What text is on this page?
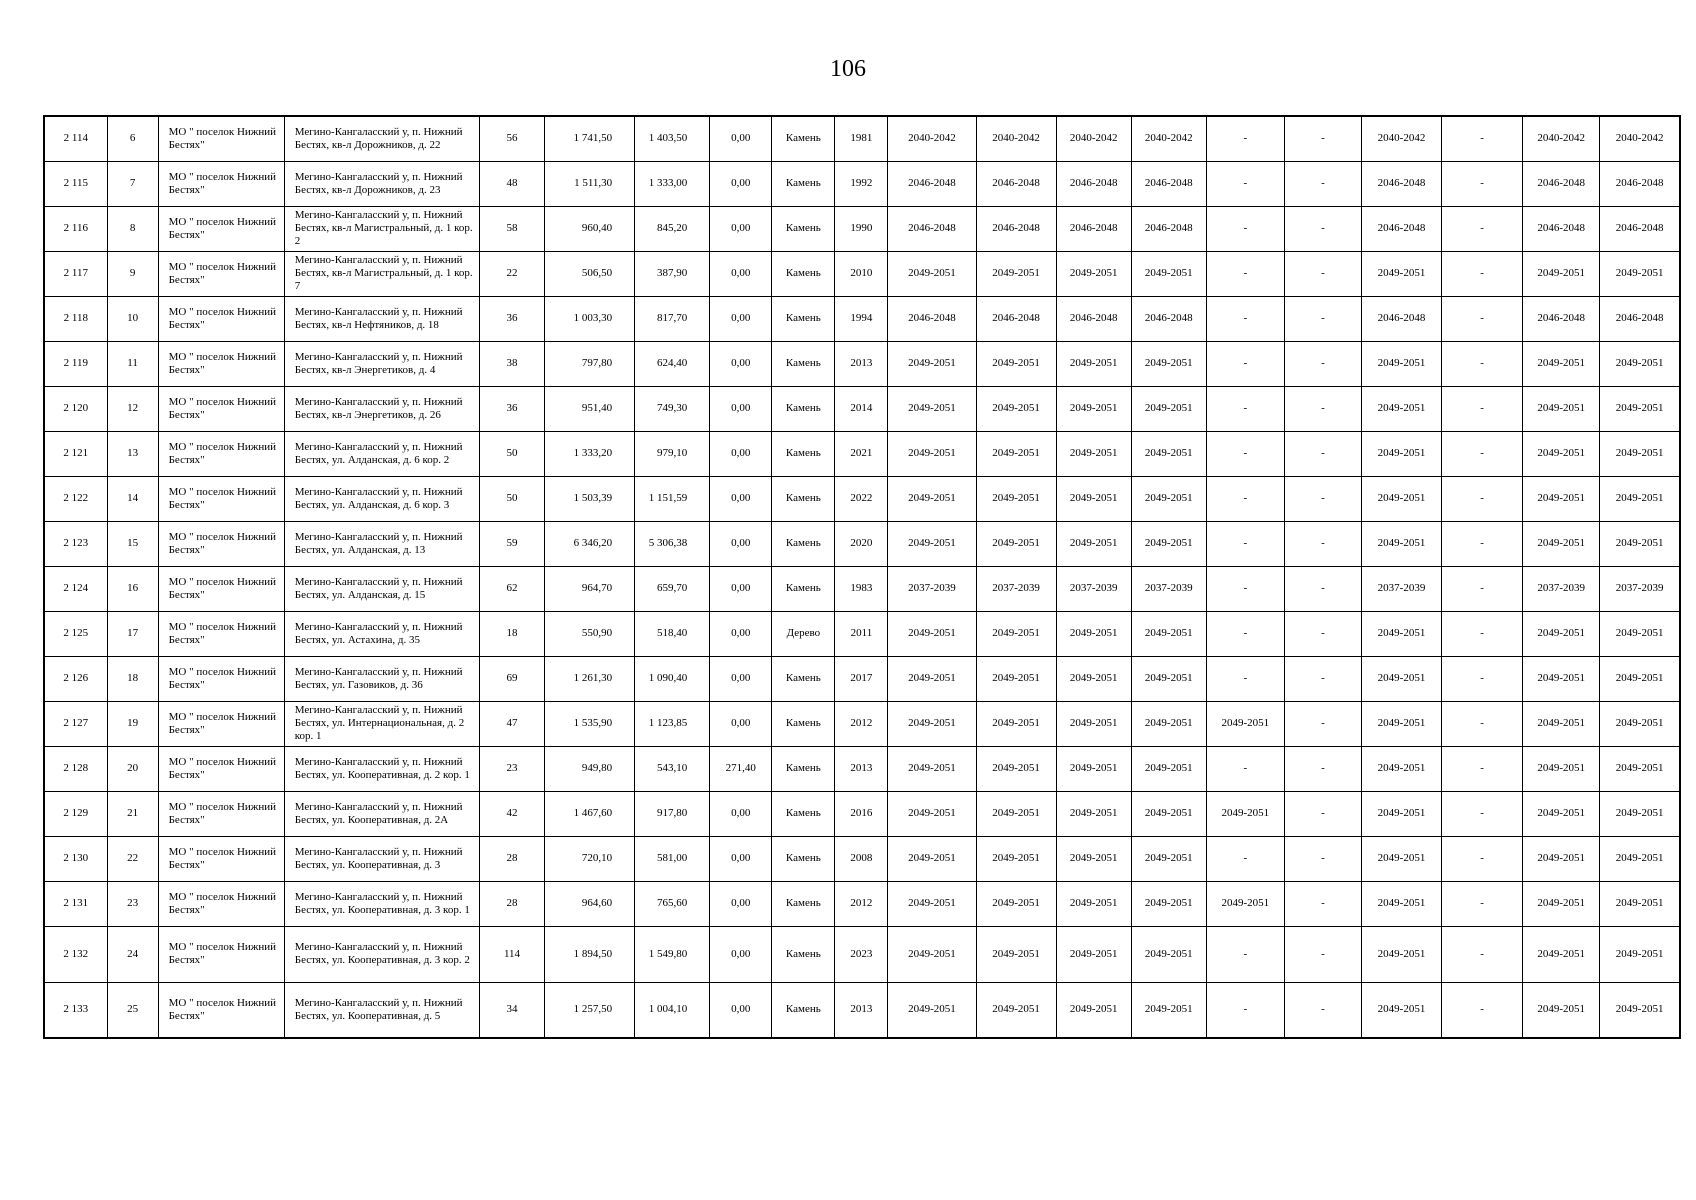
106
2 114	6	МО " поселок Нижний Бестях"	Мегино-Кангаласский у, п. Нижний Бестях, кв-л Дорожников, д. 22	56	1 741,50	1 403,50	0,00	Камень	1981	2040-2042	2040-2042	2040-2042	2040-2042	-	-	2040-2042	-	2040-2042	2040-2042
2 115	7	МО " поселок Нижний Бестях"	Мегино-Кангаласский у, п. Нижний Бестях, кв-л Дорожников, д. 23	48	1 511,30	1 333,00	0,00	Камень	1992	2046-2048	2046-2048	2046-2048	2046-2048	-	-	2046-2048	-	2046-2048	2046-2048
2 116	8	МО " поселок Нижний Бестях"	Мегино-Кангаласский у, п. Нижний Бестях, кв-л Магистральный, д. 1 кор. 2	58	960,40	845,20	0,00	Камень	1990	2046-2048	2046-2048	2046-2048	2046-2048	-	-	2046-2048	-	2046-2048	2046-2048
2 117	9	МО " поселок Нижний Бестях"	Мегино-Кангаласский у, п. Нижний Бестях, кв-л Магистральный, д. 1 кор. 7	22	506,50	387,90	0,00	Камень	2010	2049-2051	2049-2051	2049-2051	2049-2051	-	-	2049-2051	-	2049-2051	2049-2051
2 118	10	МО " поселок Нижний Бестях"	Мегино-Кангаласский у, п. Нижний Бестях, кв-л Нефтяников, д. 18	36	1 003,30	817,70	0,00	Камень	1994	2046-2048	2046-2048	2046-2048	2046-2048	-	-	2046-2048	-	2046-2048	2046-2048
2 119	11	МО " поселок Нижний Бестях"	Мегино-Кангаласский у, п. Нижний Бестях, кв-л Энергетиков, д. 4	38	797,80	624,40	0,00	Камень	2013	2049-2051	2049-2051	2049-2051	2049-2051	-	-	2049-2051	-	2049-2051	2049-2051
2 120	12	МО " поселок Нижний Бестях"	Мегино-Кангаласский у, п. Нижний Бестях, кв-л Энергетиков, д. 26	36	951,40	749,30	0,00	Камень	2014	2049-2051	2049-2051	2049-2051	2049-2051	-	-	2049-2051	-	2049-2051	2049-2051
2 121	13	МО " поселок Нижний Бестях"	Мегино-Кангаласский у, п. Нижний Бестях, ул. Алданская, д. 6 кор. 2	50	1 333,20	979,10	0,00	Камень	2021	2049-2051	2049-2051	2049-2051	2049-2051	-	-	2049-2051	-	2049-2051	2049-2051
2 122	14	МО " поселок Нижний Бестях"	Мегино-Кангаласский у, п. Нижний Бестях, ул. Алданская, д. 6 кор. 3	50	1 503,39	1 151,59	0,00	Камень	2022	2049-2051	2049-2051	2049-2051	2049-2051	-	-	2049-2051	-	2049-2051	2049-2051
2 123	15	МО " поселок Нижний Бестях"	Мегино-Кангаласский у, п. Нижний Бестях, ул. Алданская, д. 13	59	6 346,20	5 306,38	0,00	Камень	2020	2049-2051	2049-2051	2049-2051	2049-2051	-	-	2049-2051	-	2049-2051	2049-2051
2 124	16	МО " поселок Нижний Бестях"	Мегино-Кангаласский у, п. Нижний Бестях, ул. Алданская, д. 15	62	964,70	659,70	0,00	Камень	1983	2037-2039	2037-2039	2037-2039	2037-2039	-	-	2037-2039	-	2037-2039	2037-2039
2 125	17	МО " поселок Нижний Бестях"	Мегино-Кангаласский у, п. Нижний Бестях, ул. Астахина, д. 35	18	550,90	518,40	0,00	Дерево	2011	2049-2051	2049-2051	2049-2051	2049-2051	-	-	2049-2051	-	2049-2051	2049-2051
2 126	18	МО " поселок Нижний Бестях"	Мегино-Кангаласский у, п. Нижний Бестях, ул. Газовиков, д. 36	69	1 261,30	1 090,40	0,00	Камень	2017	2049-2051	2049-2051	2049-2051	2049-2051	-	-	2049-2051	-	2049-2051	2049-2051
2 127	19	МО " поселок Нижний Бестях"	Мегино-Кангаласский у, п. Нижний Бестях, ул. Интернациональная, д. 2 кор. 1	47	1 535,90	1 123,85	0,00	Камень	2012	2049-2051	2049-2051	2049-2051	2049-2051	2049-2051	-	2049-2051	-	2049-2051	2049-2051
2 128	20	МО " поселок Нижний Бестях"	Мегино-Кангаласский у, п. Нижний Бестях, ул. Кооперативная, д. 2 кор. 1	23	949,80	543,10	271,40	Камень	2013	2049-2051	2049-2051	2049-2051	2049-2051	-	-	2049-2051	-	2049-2051	2049-2051
2 129	21	МО " поселок Нижний Бестях"	Мегино-Кангаласский у, п. Нижний Бестях, ул. Кооперативная, д. 2А	42	1 467,60	917,80	0,00	Камень	2016	2049-2051	2049-2051	2049-2051	2049-2051	2049-2051	-	2049-2051	-	2049-2051	2049-2051
2 130	22	МО " поселок Нижний Бестях"	Мегино-Кангаласский у, п. Нижний Бестях, ул. Кооперативная, д. 3	28	720,10	581,00	0,00	Камень	2008	2049-2051	2049-2051	2049-2051	2049-2051	-	-	2049-2051	-	2049-2051	2049-2051
2 131	23	МО " поселок Нижний Бестях"	Мегино-Кангаласский у, п. Нижний Бестях, ул. Кооперативная, д. 3 кор. 1	28	964,60	765,60	0,00	Камень	2012	2049-2051	2049-2051	2049-2051	2049-2051	2049-2051	-	2049-2051	-	2049-2051	2049-2051
2 132	24	МО " поселок Нижний Бестях"	Мегино-Кангаласский у, п. Нижний Бестях, ул. Кооперативная, д. 3 кор. 2	114	1 894,50	1 549,80	0,00	Камень	2023	2049-2051	2049-2051	2049-2051	2049-2051	-	-	2049-2051	-	2049-2051	2049-2051
2 133	25	МО " поселок Нижний Бестях"	Мегино-Кангаласский у, п. Нижний Бестях, ул. Кооперативная, д. 5	34	1 257,50	1 004,10	0,00	Камень	2013	2049-2051	2049-2051	2049-2051	2049-2051	-	-	2049-2051	-	2049-2051	2049-2051
